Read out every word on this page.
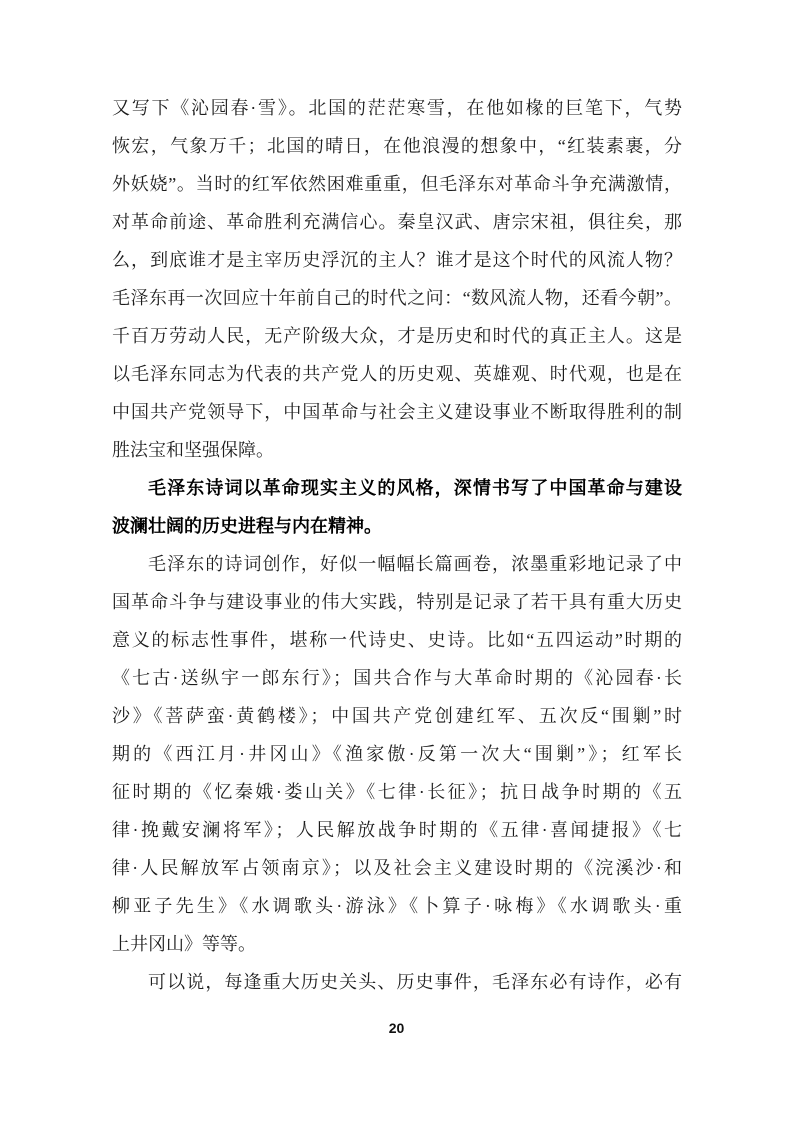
又写下《沁园春·雪》。北国的茫茫寒雪，在他如椽的巨笔下，气势
恢宏，气象万千；北国的晴日，在他浪漫的想象中，“红装素裹，分
外妖娆”。当时的红军依然困难重重，但毛泽东对革命斗争充满激情，
对革命前途、革命胜利充满信心。秦皇汉武、唐宗宋祖，俱往矣，那
么，到底谁才是主宰历史浮沉的主人？谁才是这个时代的风流人物？
毛泽东再一次回应十年前自己的时代之问：“数风流人物，还看今朝”。
千百万劳动人民，无产阶级大众，才是历史和时代的真正主人。这是
以毛泽东同志为代表的共产党人的历史观、英雄观、时代观，也是在
中国共产党领导下，中国革命与社会主义建设事业不断取得胜利的制
胜法宝和坚强保障。
毛泽东诗词以革命现实主义的风格，深情书写了中国革命与建设
波澜壮阔的历史进程与内在精神。
毛泽东的诗词创作，好似一幅幅长篇画卷，浓墨重彩地记录了中
国革命斗争与建设事业的伟大实践，特别是记录了若干具有重大历史
意义的标志性事件，堪称一代诗史、史诗。比如“五四运动”时期的
《七古·送纵宇一郎东行》；国共合作与大革命时期的《沁园春·长
沙》《菩萨蛮·黄鹤楼》；中国共产党创建红军、五次反“围剿”时
期的《西江月·井冈山》《渔家傲·反第一次大“围剿”》；红军长
征时期的《忆秦娥·娄山关》《七律·长征》；抗日战争时期的《五
律·挽戴安澜将军》；人民解放战争时期的《五律·喜闻捷报》《七
律·人民解放军占领南京》；以及社会主义建设时期的《浣溪沙·和
柳亚子先生》《水调歌头·游泳》《卜算子·咏梅》《水调歌头·重
上井冈山》等等。
可以说，每逢重大历史关头、历史事件，毛泽东必有诗作，必有
20
